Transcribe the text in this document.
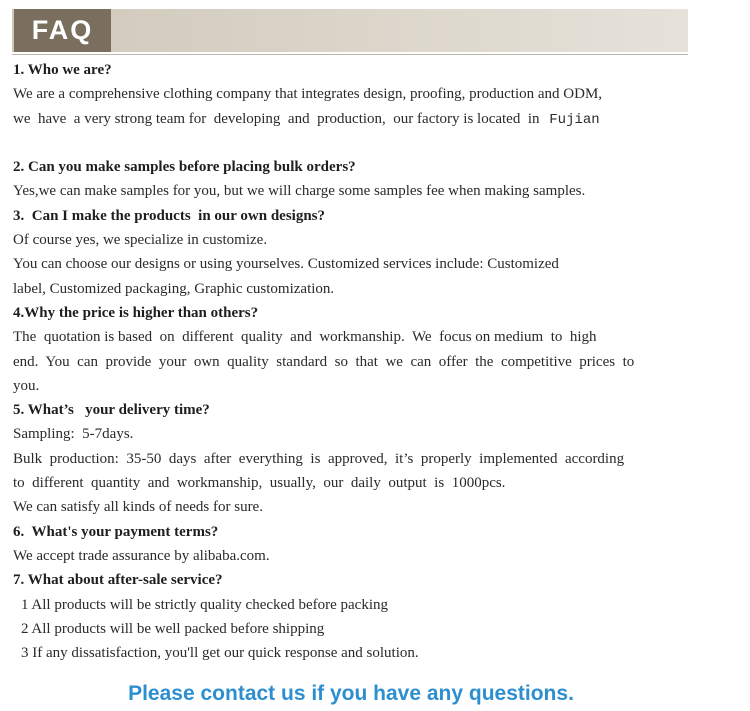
FAQ
1. Who we are?
We are a comprehensive clothing company that integrates design, proofing, production and ODM,
we  have  a very strong team for  developing  and  production,  our factory is located  in Fujian
2. Can you make samples before placing bulk orders?
Yes,we can make samples for you, but we will charge some samples fee when making samples.
3.  Can I make the products  in our own designs?
Of course yes, we specialize in customize.
You can choose our designs or using yourselves. Customized services include: Customized
label, Customized packaging, Graphic customization.
4.Why the price is higher than others?
The  quotation is based  on  different  quality  and  workmanship.  We  focus on medium  to  high
end.  You  can  provide  your  own  quality  standard  so  that  we  can  offer  the  competitive  prices  to
you.
5. What’s   your delivery time?
Sampling:  5-7days.
Bulk  production:  35-50  days  after  everything  is  approved,  it’s  properly  implemented  according
to  different  quantity  and  workmanship,  usually,  our  daily  output  is  1000pcs.
We can satisfy all kinds of needs for sure.
6.  What's your payment terms?
We accept trade assurance by alibaba.com.
7. What about after-sale service?
1 All products will be strictly quality checked before packing
2 All products will be well packed before shipping
3 If any dissatisfaction, you'll get our quick response and solution.
Please contact us if you have any questions.
